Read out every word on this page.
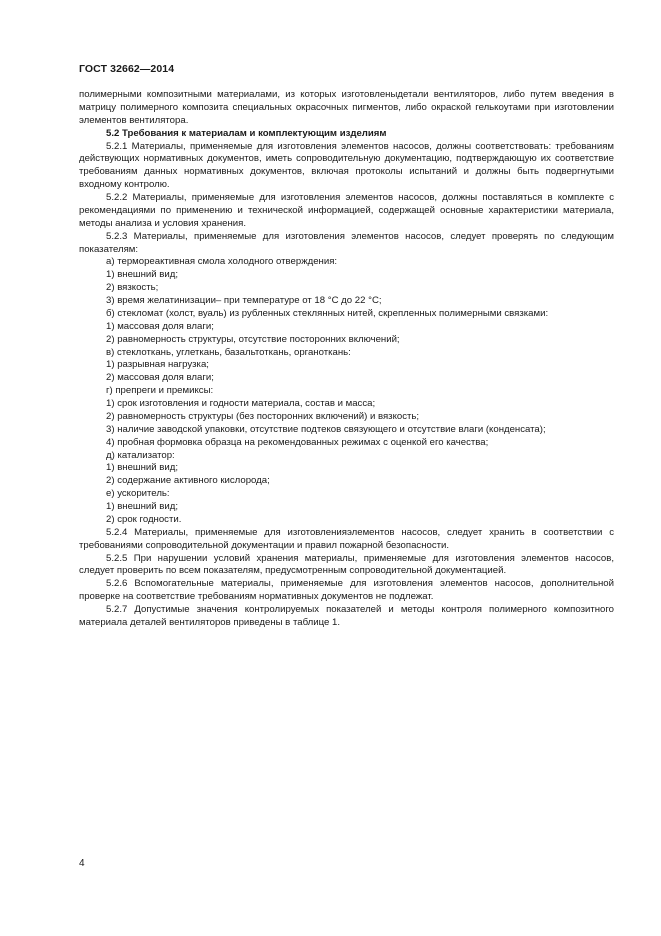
ГОСТ 32662—2014

полимерными композитными материалами, из которых изготовленыдетали вентиляторов, либо путем введения в матрицу полимерного композита специальных окрасочных пигментов, либо окраской гелькоутами при изготовлении элементов вентилятора.

5.2 Требования к материалам и комплектующим изделиям

5.2.1 Материалы, применяемые для изготовления элементов насосов, должны соответствовать: требованиям действующих нормативных документов, иметь сопроводительную документацию, подтверждающую их соответствие требованиям данных нормативных документов, включая протоколы испытаний и должны быть подвергнутыми входному контролю.

5.2.2 Материалы, применяемые для изготовления элементов насосов, должны поставляться в комплекте с рекомендациями по применению и технической информацией, содержащей основные характеристики материала, методы анализа и условия хранения.

5.2.3 Материалы, применяемые для изготовления элементов насосов, следует проверять по следующим показателям:

а) термореактивная смола холодного отверждения:

1) внешний вид;

2) вязкость;

3) время желатинизации– при температуре от 18 °С до 22 °С;

б) стекломат (холст, вуаль) из рубленных стеклянных нитей, скрепленных полимерными связками:

1) массовая доля влаги;

2) равномерность структуры, отсутствие посторонних включений;

в) стеклоткань, углеткань, базальтоткань, органоткань:

1) разрывная нагрузка;

2) массовая доля влаги;

г) препреги и премиксы:

1) срок изготовления и годности материала, состав и масса;

2) равномерность структуры (без посторонних включений) и вязкость;

3) наличие заводской упаковки, отсутствие подтеков связующего и отсутствие влаги (конденсата);

4) пробная формовка образца на рекомендованных режимах с оценкой его качества;

д) катализатор:

1) внешний вид;

2) содержание активного кислорода;

е) ускоритель:

1) внешний вид;

2) срок годности.

5.2.4 Материалы, применяемые для изготовленияэлементов насосов, следует хранить в соответствии с требованиями сопроводительной документации и правил пожарной безопасности.

5.2.5 При нарушении условий хранения материалы, применяемые для изготовления элементов насосов, следует проверить по всем показателям, предусмотренным сопроводительной документацией.

5.2.6 Вспомогательные материалы, применяемые для изготовления элементов насосов, дополнительной проверке на соответствие требованиям нормативных документов не подлежат.

5.2.7 Допустимые значения контролируемых показателей и методы контроля полимерного композитного материала деталей вентиляторов приведены в таблице 1.

4
